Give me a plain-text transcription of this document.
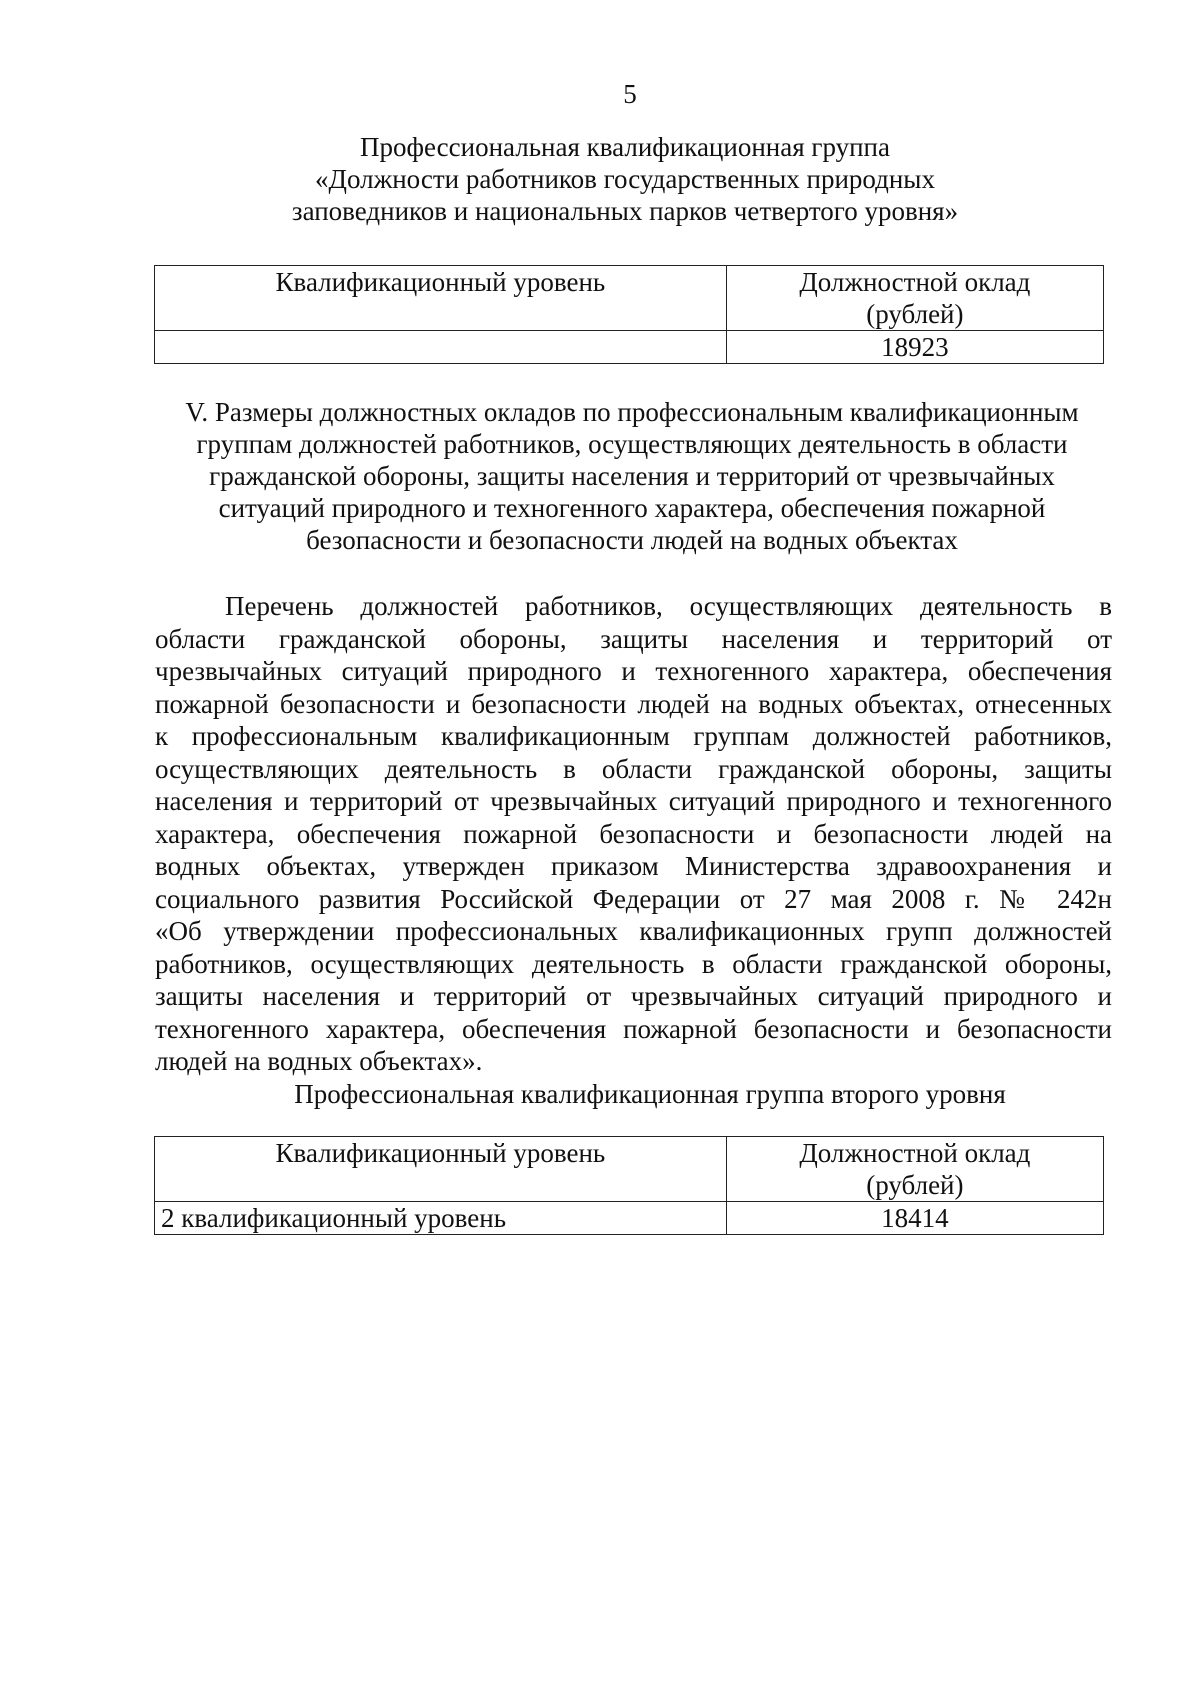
5
Профессиональная квалификационная группа
«Должности работников государственных природных
заповедников и национальных парков четвертого уровня»
Квалификационный уровень	Должностной оклад
(рублей)

	18923
V. Размеры должностных окладов по профессиональным квалификационным
группам должностей работников, осуществляющих деятельность в области
гражданской обороны, защиты населения и территорий от чрезвычайных
ситуаций природного и техногенного характера, обеспечения пожарной
безопасности и безопасности людей на водных объектах
Перечень должностей работников, осуществляющих деятельность в
области гражданской обороны, защиты населения и территорий от
чрезвычайных ситуаций природного и техногенного характера, обеспечения
пожарной безопасности и безопасности людей на водных объектах, отнесенных
к профессиональным квалификационным группам должностей работников,
осуществляющих деятельность в области гражданской обороны, защиты
населения и территорий от чрезвычайных ситуаций природного и техногенного
характера, обеспечения пожарной безопасности и безопасности людей на
водных объектах, утвержден приказом Министерства здравоохранения и
социального развития Российской Федерации от 27 мая 2008 г. № 242н
«Об утверждении профессиональных квалификационных групп должностей
работников, осуществляющих деятельность в области гражданской обороны,
защиты населения и территорий от чрезвычайных ситуаций природного и
техногенного характера, обеспечения пожарной безопасности и безопасности
людей на водных объектах».
Профессиональная квалификационная группа второго уровня
Квалификационный уровень	Должностной оклад
(рублей)

2 квалификационный уровень	18414
